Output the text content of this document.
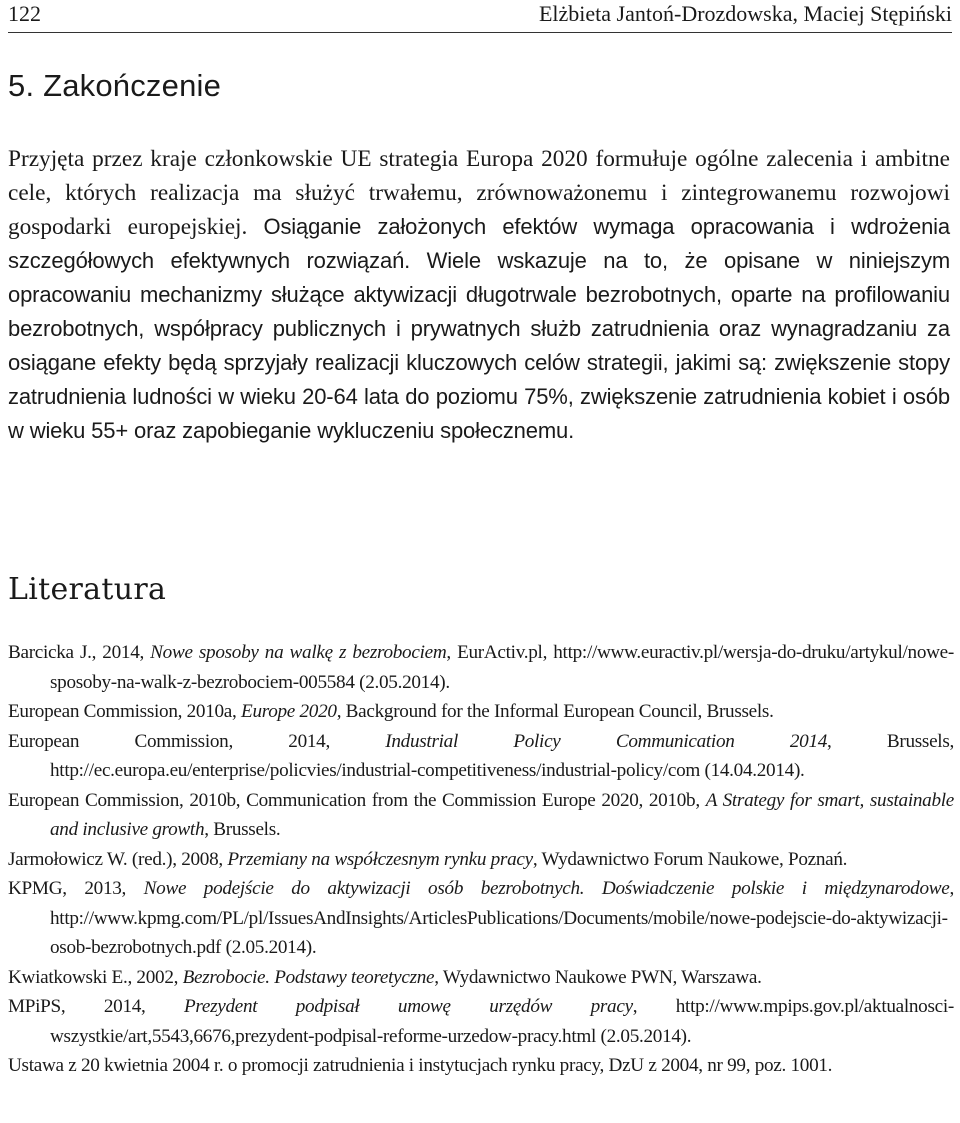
122	Elżbieta Jantoń-Drozdowska, Maciej Stępiński
5. Zakończenie

Przyjęta przez kraje członkowskie UE strategia Europa 2020 formułuje ogólne zalecenia i ambitne cele, których realizacja ma służyć trwałemu, zrównoważonemu i zintegrowanemu rozwojowi gospodarki europejskiej. Osiąganie założonych efektów wymaga opracowania i wdrożenia szczegółowych efektywnych rozwiązań. Wiele wskazuje na to, że opisane w niniejszym opracowaniu mechanizmy służące aktywizacji długotrwale bezrobotnych, oparte na profilowaniu bezrobotnych, współpracy publicznych i prywatnych służb zatrudnienia oraz wynagradzaniu za osiągane efekty będą sprzyjały realizacji kluczowych celów strategii, jakimi są: zwiększenie stopy zatrudnienia ludności w wieku 20-64 lata do poziomu 75%, zwiększenie zatrudnienia kobiet i osób w wieku 55+ oraz zapobieganie wykluczeniu społecznemu.

Literatura

Barcicka J., 2014, Nowe sposoby na walkę z bezrobociem, EurActiv.pl, http://www.euractiv.pl/wersja-do-druku/artykul/nowe-sposoby-na-walk-z-bezrobociem-005584 (2.05.2014).

European Commission, 2010a, Europe 2020, Background for the Informal European Council, Brussels.

European Commission, 2014, Industrial Policy Communication 2014, Brussels, http://ec.europa.eu/enterprise/policvies/industrial-competitiveness/industrial-policy/com (14.04.2014).

European Commission, 2010b, Communication from the Commission Europe 2020, 2010b, A Strategy for smart, sustainable and inclusive growth, Brussels.

Jarmołowicz W. (red.), 2008, Przemiany na współczesnym rynku pracy, Wydawnictwo Forum Naukowe, Poznań.

KPMG, 2013, Nowe podejście do aktywizacji osób bezrobotnych. Doświadczenie polskie i międzynarodowe, http://www.kpmg.com/PL/pl/IssuesAndInsights/ArticlesPublications/Documents/mobile/nowe-podejscie-do-aktywizacji-osob-bezrobotnych.pdf (2.05.2014).

Kwiatkowski E., 2002, Bezrobocie. Podstawy teoretyczne, Wydawnictwo Naukowe PWN, Warszawa.

MPiPS, 2014, Prezydent podpisał umowę urzędów pracy, http://www.mpips.gov.pl/aktualnosci-wszystkie/art,5543,6676,prezydent-podpisal-reforme-urzedow-pracy.html (2.05.2014).

Ustawa z 20 kwietnia 2004 r. o promocji zatrudnienia i instytucjach rynku pracy, DzU z 2004, nr 99, poz. 1001.
